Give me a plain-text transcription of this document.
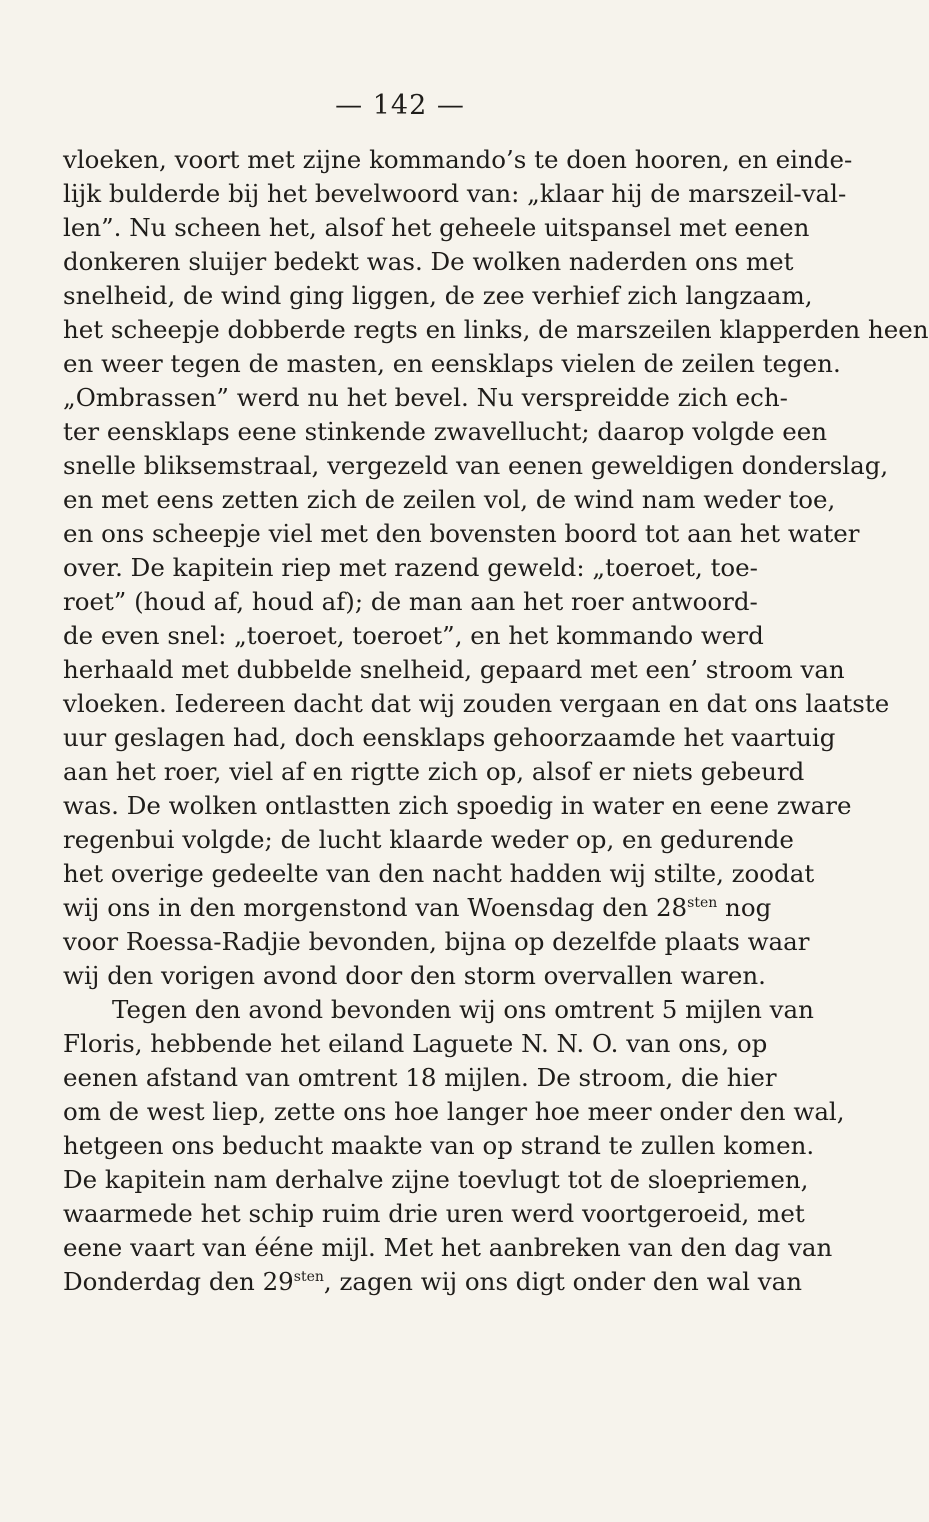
— 142 —
vloeken, voort met zijne kommando’s te doen hooren, en einde-
lijk bulderde bij het bevelwoord van: „klaar hij de marszeil-val-
len”. Nu scheen het, alsof het geheele uitspansel met eenen
donkeren sluijer bedekt was. De wolken naderden ons met
snelheid, de wind ging liggen, de zee verhief zich langzaam,
het scheepje dobberde regts en links, de marszeilen klapperden heen
en weer tegen de masten, en eensklaps vielen de zeilen tegen.
„Ombrassen” werd nu het bevel. Nu verspreidde zich ech-
ter eensklaps eene stinkende zwavellucht; daarop volgde een
snelle bliksemstraal, vergezeld van eenen geweldigen donderslag,
en met eens zetten zich de zeilen vol, de wind nam weder toe,
en ons scheepje viel met den bovensten boord tot aan het water
over. De kapitein riep met razend geweld: „toeroet, toe-
roet” (houd af, houd af); de man aan het roer antwoord-
de even snel: „toeroet, toeroet”, en het kommando werd
herhaald met dubbelde snelheid, gepaard met een’ stroom van
vloeken. Iedereen dacht dat wij zouden vergaan en dat ons laatste
uur geslagen had, doch eensklaps gehoorzaamde het vaartuig
aan het roer, viel af en rigtte zich op, alsof er niets gebeurd
was. De wolken ontlastten zich spoedig in water en eene zware
regenbui volgde; de lucht klaarde weder op, en gedurende
het overige gedeelte van den nacht hadden wij stilte, zoodat
wij ons in den morgenstond van Woensdag den $28^{sten}$ nog
voor Roessa-Radjie bevonden, bijna op dezelfde plaats waar
wij den vorigen avond door den storm overvallen waren.
Tegen den avond bevonden wij ons omtrent 5 mijlen van
Floris, hebbende het eiland Laguete N. N. O. van ons, op
eenen afstand van omtrent 18 mijlen. De stroom, die hier
om de west liep, zette ons hoe langer hoe meer onder den wal,
hetgeen ons beducht maakte van op strand te zullen komen.
De kapitein nam derhalve zijne toevlugt tot de sloepriemen,
waarmede het schip ruim drie uren werd voortgeroeid, met
eene vaart van ééne mijl. Met het aanbreken van den dag van
Donderdag den $29^{sten}$, zagen wij ons digt onder den wal van
